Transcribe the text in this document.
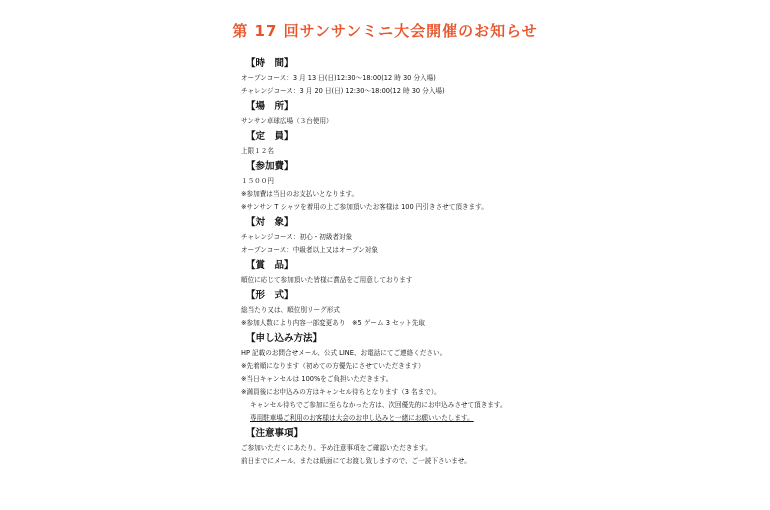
第 17 回サンサンミニ大会開催のお知らせ
【時　間】
オープンコース：3 月 13 日(日)12:30〜18:00(12 時 30 分入場)
チャレンジコース：3 月 20 日(日) 12:30〜18:00(12 時 30 分入場)
【場　所】
サンサン卓球広場（３台使用）
【定　員】
上限１２名
【参加費】
１５００円
※参加費は当日のお支払いとなります。
※サンサン T シャツを着用の上ご参加頂いたお客様は 100 円引きさせて頂きます。
【対　象】
チャレンジコース：初心・初級者対象
オープンコース：中級者以上又はオープン対象
【賞　品】
順位に応じて参加頂いた皆様に賞品をご用意しております
【形　式】
総当たり又は、順位別リーグ形式
※参加人数により内容一部変更あり　※5 ゲーム 3 セット先取
【申し込み方法】
HP 記載のお問合せメール、公式 LINE、お電話にてご連絡ください。
※先着順になります（初めての方優先にさせていただきます）
※当日キャンセルは 100%をご負担いただきます。
※満員後にお申込みの方はキャンセル待ちとなります（3 名まで）。
キャンセル待ちでご参加に至らなかった方は、次回優先的にお申込みさせて頂きます。
専用駐車場ご利用のお客様は大会のお申し込みと一緒にお願いいたします。
【注意事項】
ご参加いただくにあたり、予め注意事項をご確認いただきます。
前日までにメール、または紙面にてお渡し致しますので、ご一読下さいませ。
